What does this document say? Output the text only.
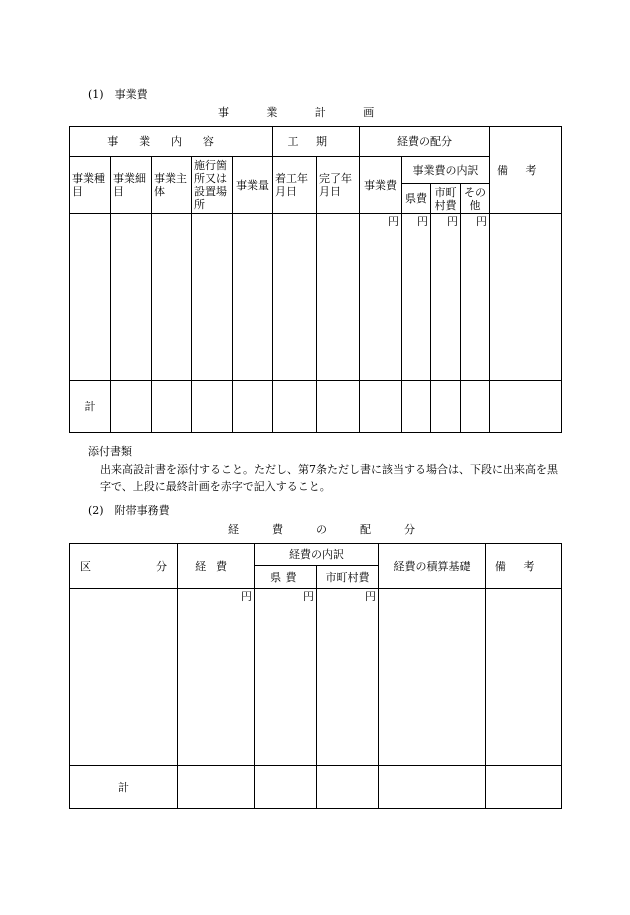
(1)　事業費
事業計画
事業内容					工期		経費の配分				備考
事業種目	事業細目	事業主体	施行箇所又は設置場所	事業量	着工年月日	完了年月日	事業費	事業費の内訳			
								県費	市町村費	その他	
							円	円	円	円	
計											
添付書類
出来高設計書を添付すること。ただし、第7条ただし書に該当する場合は、下段に出来高を黒字で、上段に最終計画を赤字で記入すること。
(2)　附帯事務費
経費の配分
区 分	経費	経費の内訳		経費の積算基礎	備考
		県費	市町村費		
	円	円	円		
計					
